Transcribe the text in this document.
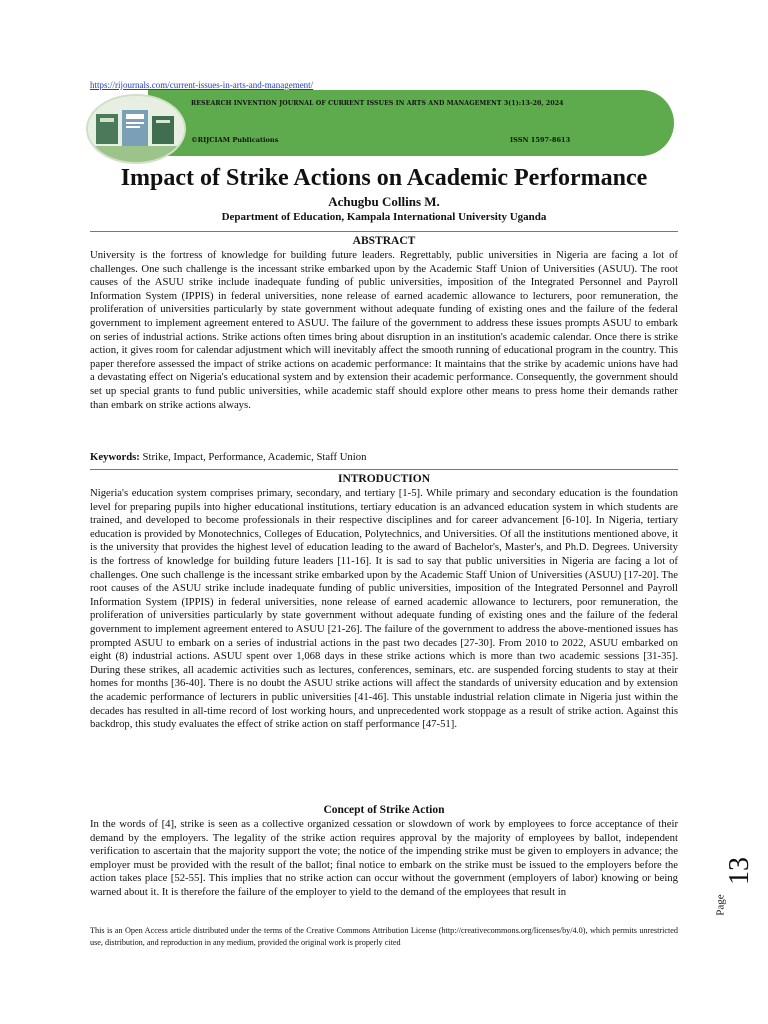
https://rijournals.com/current-issues-in-arts-and-management/
RESEARCH INVENTION JOURNAL OF CURRENT ISSUES IN ARTS AND MANAGEMENT 3(1):13-20, 2024
©RIJCIAM Publications	ISSN 1597-8613
Impact of Strike Actions on Academic Performance
Achugbu Collins M.
Department of Education, Kampala International University Uganda
ABSTRACT
University is the fortress of knowledge for building future leaders. Regrettably, public universities in Nigeria are facing a lot of challenges. One such challenge is the incessant strike embarked upon by the Academic Staff Union of Universities (ASUU). The root causes of the ASUU strike include inadequate funding of public universities, imposition of the Integrated Personnel and Payroll Information System (IPPIS) in federal universities, none release of earned academic allowance to lecturers, poor remuneration, the proliferation of universities particularly by state government without adequate funding of existing ones and the failure of the federal government to implement agreement entered to ASUU. The failure of the government to address these issues prompts ASUU to embark on series of industrial actions. Strike actions often times bring about disruption in an institution's academic calendar. Once there is strike action, it gives room for calendar adjustment which will inevitably affect the smooth running of educational program in the country. This paper therefore assessed the impact of strike actions on academic performance: It maintains that the strike by academic unions have had a devastating effect on Nigeria's educational system and by extension their academic performance. Consequently, the government should set up special grants to fund public universities, while academic staff should explore other means to press home their demands rather than embark on strike actions always.
Keywords: Strike, Impact, Performance, Academic, Staff Union
INTRODUCTION
Nigeria's education system comprises primary, secondary, and tertiary [1-5]. While primary and secondary education is the foundation level for preparing pupils into higher educational institutions, tertiary education is an advanced education system in which students are trained, and developed to become professionals in their respective disciplines and for career advancement [6-10]. In Nigeria, tertiary education is provided by Monotechnics, Colleges of Education, Polytechnics, and Universities. Of all the institutions mentioned above, it is the university that provides the highest level of education leading to the award of Bachelor's, Master's, and Ph.D. Degrees. University is the fortress of knowledge for building future leaders [11-16]. It is sad to say that public universities in Nigeria are facing a lot of challenges. One such challenge is the incessant strike embarked upon by the Academic Staff Union of Universities (ASUU) [17-20]. The root causes of the ASUU strike include inadequate funding of public universities, imposition of the Integrated Personnel and Payroll Information System (IPPIS) in federal universities, none release of earned academic allowance to lecturers, poor remuneration, the proliferation of universities particularly by state government without adequate funding of existing ones and the failure of the federal government to implement agreement entered to ASUU [21-26]. The failure of the government to address the above-mentioned issues has prompted ASUU to embark on a series of industrial actions in the past two decades [27-30]. From 2010 to 2022, ASUU embarked on eight (8) industrial actions. ASUU spent over 1,068 days in these strike actions which is more than two academic sessions [31-35]. During these strikes, all academic activities such as lectures, conferences, seminars, etc. are suspended forcing students to stay at their homes for months [36-40]. There is no doubt the ASUU strike actions will affect the standards of university education and by extension the academic performance of lecturers in public universities [41-46]. This unstable industrial relation climate in Nigeria just within the decades has resulted in all-time record of lost working hours, and unprecedented work stoppage as a result of strike action. Against this backdrop, this study evaluates the effect of strike action on staff performance [47-51].
Concept of Strike Action
In the words of [4], strike is seen as a collective organized cessation or slowdown of work by employees to force acceptance of their demand by the employers. The legality of the strike action requires approval by the majority of employees by ballot, independent verification to ascertain that the majority support the vote; the notice of the impending strike must be given to employers in advance; the employer must be provided with the result of the ballot; final notice to embark on the strike must be issued to the employers before the action takes place [52-55]. This implies that no strike action can occur without the government (employers of labor) knowing or being warned about it. It is therefore the failure of the employer to yield to the demand of the employees that result in
This is an Open Access article distributed under the terms of the Creative Commons Attribution License (http://creativecommons.org/licenses/by/4.0), which permits unrestricted use, distribution, and reproduction in any medium, provided the original work is properly cited
13
Page
